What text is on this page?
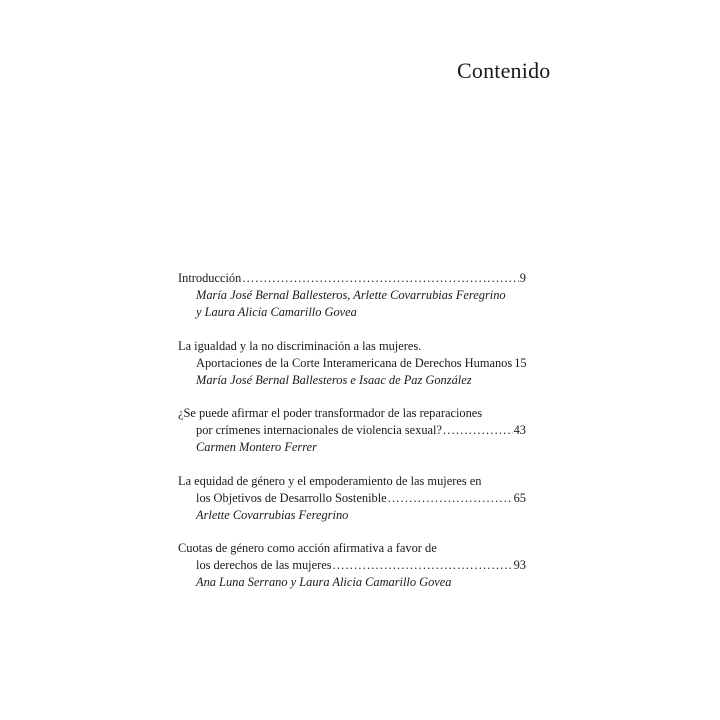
Contenido
Introducción .....	9
María José Bernal Ballesteros, Arlette Covarrubias Feregrino
y Laura Alicia Camarillo Govea
La igualdad y la no discriminación a las mujeres.
Aportaciones de la Corte Interamericana de Derechos Humanos 15
María José Bernal Ballesteros e Isaac de Paz González
¿Se puede afirmar el poder transformador de las reparaciones
por crímenes internacionales de violencia sexual? .....	43
Carmen Montero Ferrer
La equidad de género y el empoderamiento de las mujeres en
los Objetivos de Desarrollo Sostenible .....	65
Arlette Covarrubias Feregrino
Cuotas de género como acción afirmativa a favor de
los derechos de las mujeres .....	93
Ana Luna Serrano y Laura Alicia Camarillo Govea
